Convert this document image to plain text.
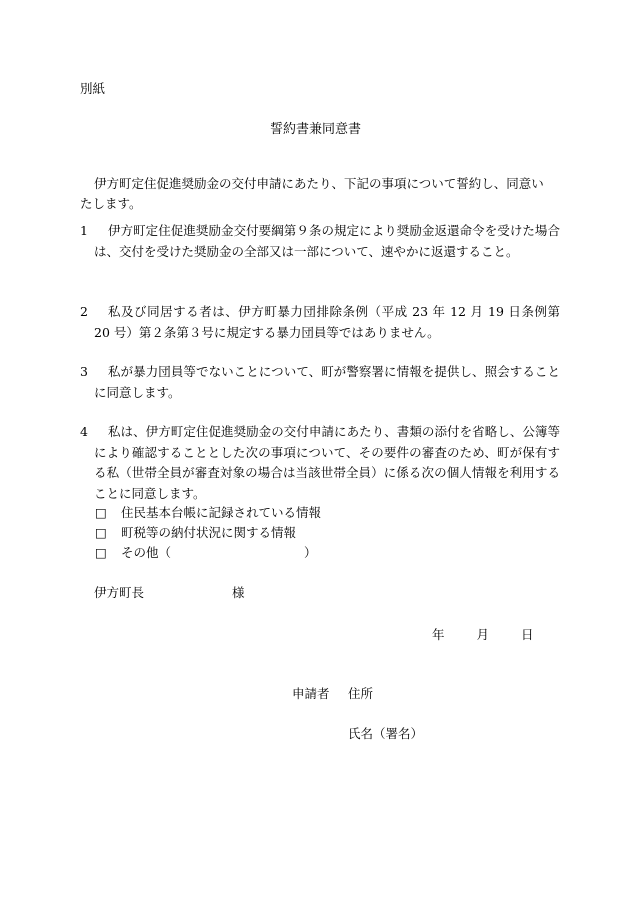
別紙

誓約書兼同意書

伊方町定住促進奨励金の交付申請にあたり、下記の事項について誓約し、同意いたします。

1	伊方町定住促進奨励金交付要綱第９条の規定により奨励金返還命令を受けた場合は、交付を受けた奨励金の全部又は一部について、速やかに返還すること。
2	私及び同居する者は、伊方町暴力団排除条例（平成 23 年 12 月 19 日条例第 20 号）第２条第３号に規定する暴力団員等ではありません。
3	私が暴力団員等でないことについて、町が警察署に情報を提供し、照会することに同意します。
4	私は、伊方町定住促進奨励金の交付申請にあたり、書類の添付を省略し、公簿等により確認することとした次の事項について、その要件の審査のため、町が保有する私（世帯全員が審査対象の場合は当該世帯全員）に係る次の個人情報を利用することに同意します。
□ 住民基本台帳に記録されている情報
□ 町税等の納付状況に関する情報
□ その他（	）

伊方町長	様
年	月	日

申請者 住所

氏名（署名）
